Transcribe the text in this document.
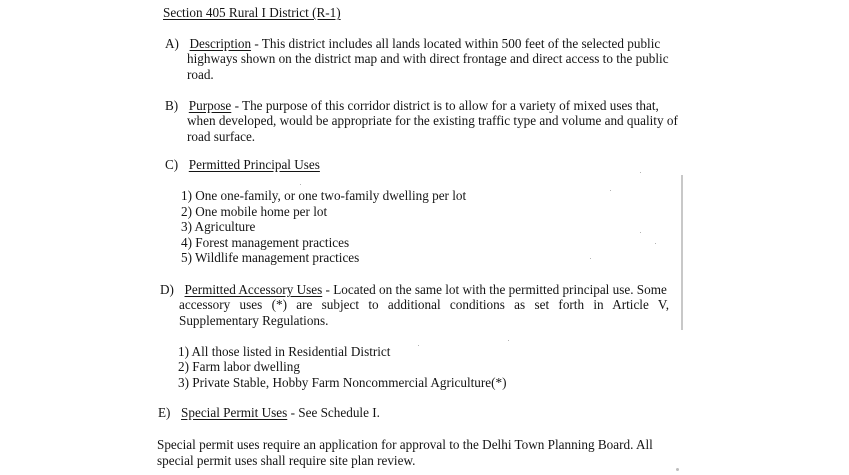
Section 405 Rural I District (R-1)
A) Description - This district includes all lands located within 500 feet of the selected public
highways shown on the district map and with direct frontage and direct access to the public
road.
B) Purpose - The purpose of this corridor district is to allow for a variety of mixed uses that,
when developed, would be appropriate for the existing traffic type and volume and quality of
road surface.
C) Permitted Principal Uses
1) One one-family, or one two-family dwelling per lot
2) One mobile home per lot
3) Agriculture
4) Forest management practices
5) Wildlife management practices
D) Permitted Accessory Uses - Located on the same lot with the permitted principal use. Some
accessory uses (*) are subject to additional conditions as set forth in Article V,
Supplementary Regulations.
1) All those listed in Residential District
2) Farm labor dwelling
3) Private Stable, Hobby Farm Noncommercial Agriculture(*)
E) Special Permit Uses - See Schedule I.
Special permit uses require an application for approval to the Delhi Town Planning Board. All
special permit uses shall require site plan review.
